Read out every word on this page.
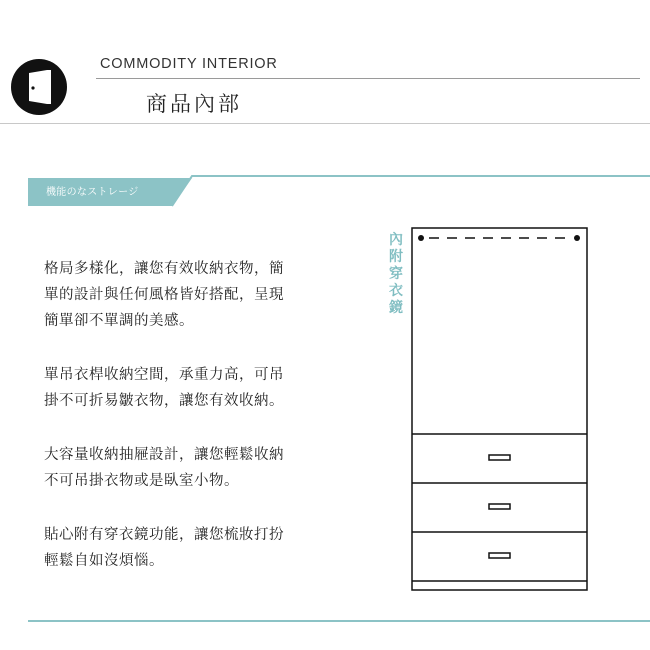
COMMODITY INTERIOR
商品內部
機能のなストレージ

格局多樣化，讓您有效收納衣物，簡

單的設計與任何風格皆好搭配，呈現

簡單卻不單調的美感。

單吊衣桿收納空間，承重力高，可吊

掛不可折易皺衣物，讓您有效收納。

大容量收納抽屜設計，讓您輕鬆收納

不可吊掛衣物或是臥室小物。

貼心附有穿衣鏡功能，讓您梳妝打扮

輕鬆自如沒煩惱。

內
附
穿
衣
鏡
